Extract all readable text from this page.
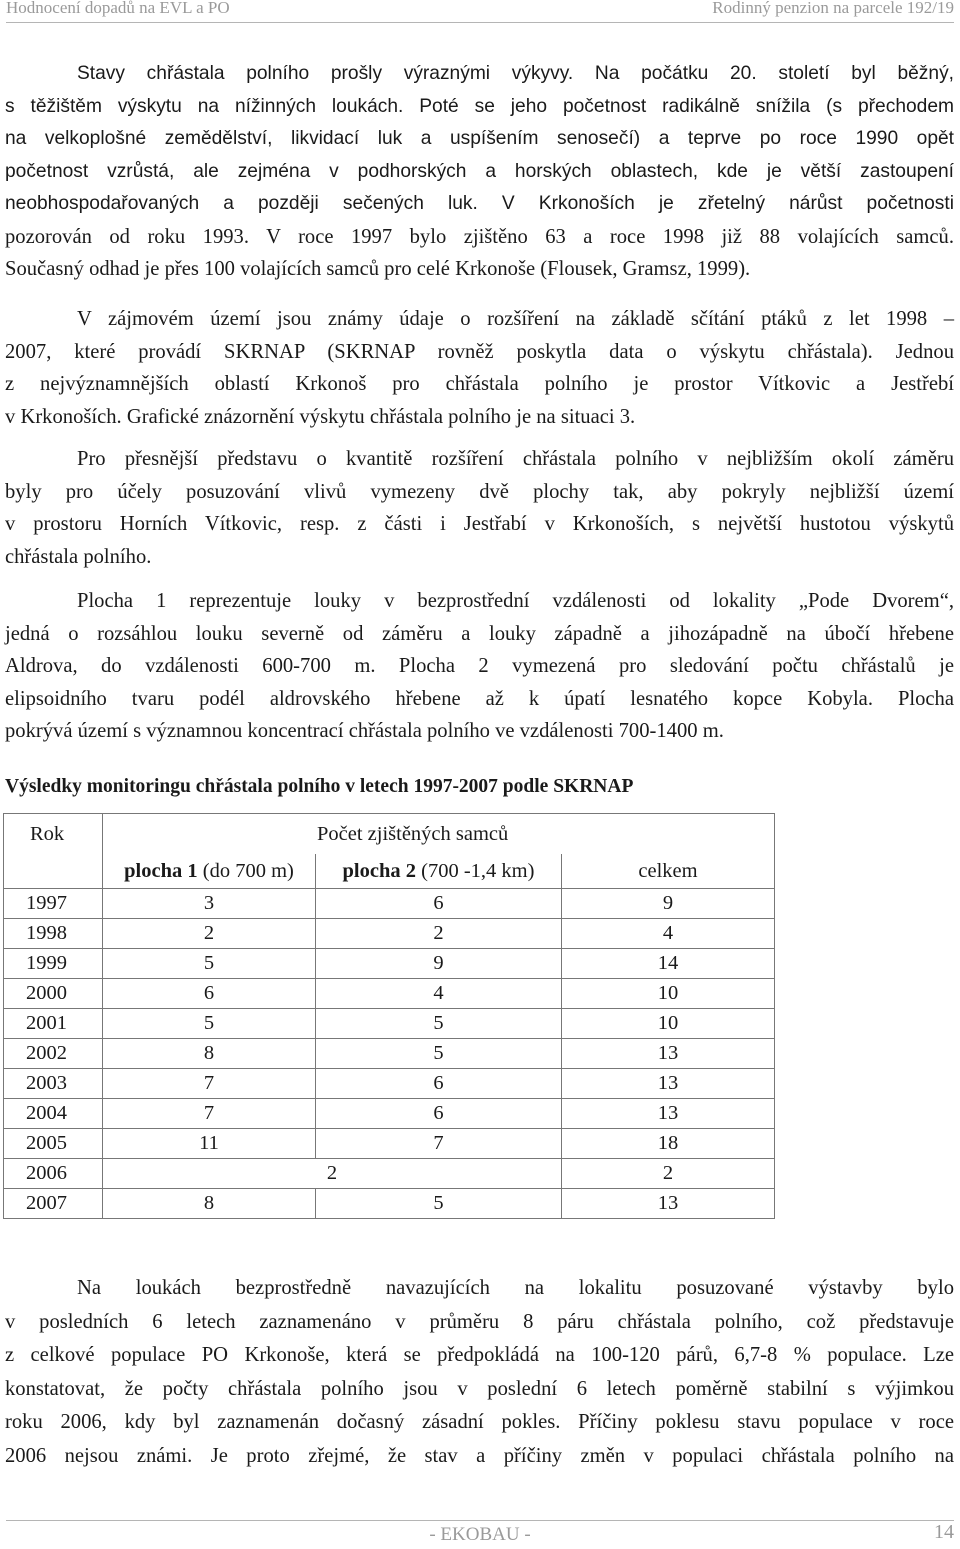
Hodnocení dopadů na EVL a PO	Rodinný penzion na parcele 192/19
Stavy chřástala polního prošly výraznými výkyvy. Na počátku 20. století byl běžný,
s těžištěm výskytu na nížinných loukách. Poté se jeho početnost radikálně snížila (s přechodem
na velkoplošné zemědělství, likvidací luk a uspíšením senosečí) a teprve po roce 1990 opět
početnost vzrůstá, ale zejména v podhorských a horských oblastech, kde je větší zastoupení
neobhospodařovaných a později sečených luk. V Krkonoších je zřetelný nárůst početnosti
pozorován od roku 1993. V roce 1997 bylo zjištěno 63 a roce 1998 již 88 volajících samců.
Současný odhad je přes 100 volajících samců pro celé Krkonoše (Flousek, Gramsz, 1999).
V zájmovém území jsou známy údaje o rozšíření na základě sčítání ptáků z let 1998 –
2007, které provádí SKRNAP (SKRNAP rovněž poskytla data o výskytu chřástala). Jednou
z nejvýznamnějších oblastí Krkonoš pro chřástala polního je prostor Vítkovic a Jestřebí
v Krkonoších. Grafické znázornění výskytu chřástala polního je na situaci 3.
Pro přesnější představu o kvantitě rozšíření chřástala polního v nejbližším okolí záměru
byly pro účely posuzování vlivů vymezeny dvě plochy tak, aby pokryly nejbližší území
v prostoru Horních Vítkovic, resp. z části i Jestřabí v Krkonoších, s největší hustotou výskytů
chřástala polního.
Plocha 1 reprezentuje louky v bezprostřední vzdálenosti od lokality „Pode Dvorem“,
jedná o rozsáhlou louku severně od záměru a louky západně a jihozápadně na úbočí hřebene
Aldrova, do vzdálenosti 600-700 m. Plocha 2 vymezená pro sledování počtu chřástalů je
elipsoidního tvaru podél aldrovského hřebene až k úpatí lesnatého kopce Kobyla. Plocha
pokrývá území s významnou koncentrací chřástala polního ve vzdálenosti 700-1400 m.

Výsledky monitoringu chřástala polního v letech 1997-2007 podle SKRNAP

Rok	Počet zjištěných samců		
	plocha 1 (do 700 m)	plocha 2 (700 -1,4 km)	celkem
1997	3	6	9
1998	2	2	4
1999	5	9	14
2000	6	4	10
2001	5	5	10
2002	8	5	13
2003	7	6	13
2004	7	6	13
2005	11	7	18
2006	2		2
2007	8	5	13
Na loukách bezprostředně navazujících na lokalitu posuzované výstavby bylo
v posledních 6 letech zaznamenáno v průměru 8 páru chřástala polního, což představuje
z celkové populace PO Krkonoše, která se předpokládá na 100-120 párů, 6,7-8 % populace. Lze
konstatovat, že počty chřástala polního jsou v poslední 6 letech poměrně stabilní s výjimkou
roku 2006, kdy byl zaznamenán dočasný zásadní pokles. Příčiny poklesu stavu populace v roce
2006 nejsou známi. Je proto zřejmé, že stav a příčiny změn v populaci chřástala polního na
- EKOBAU -	14
